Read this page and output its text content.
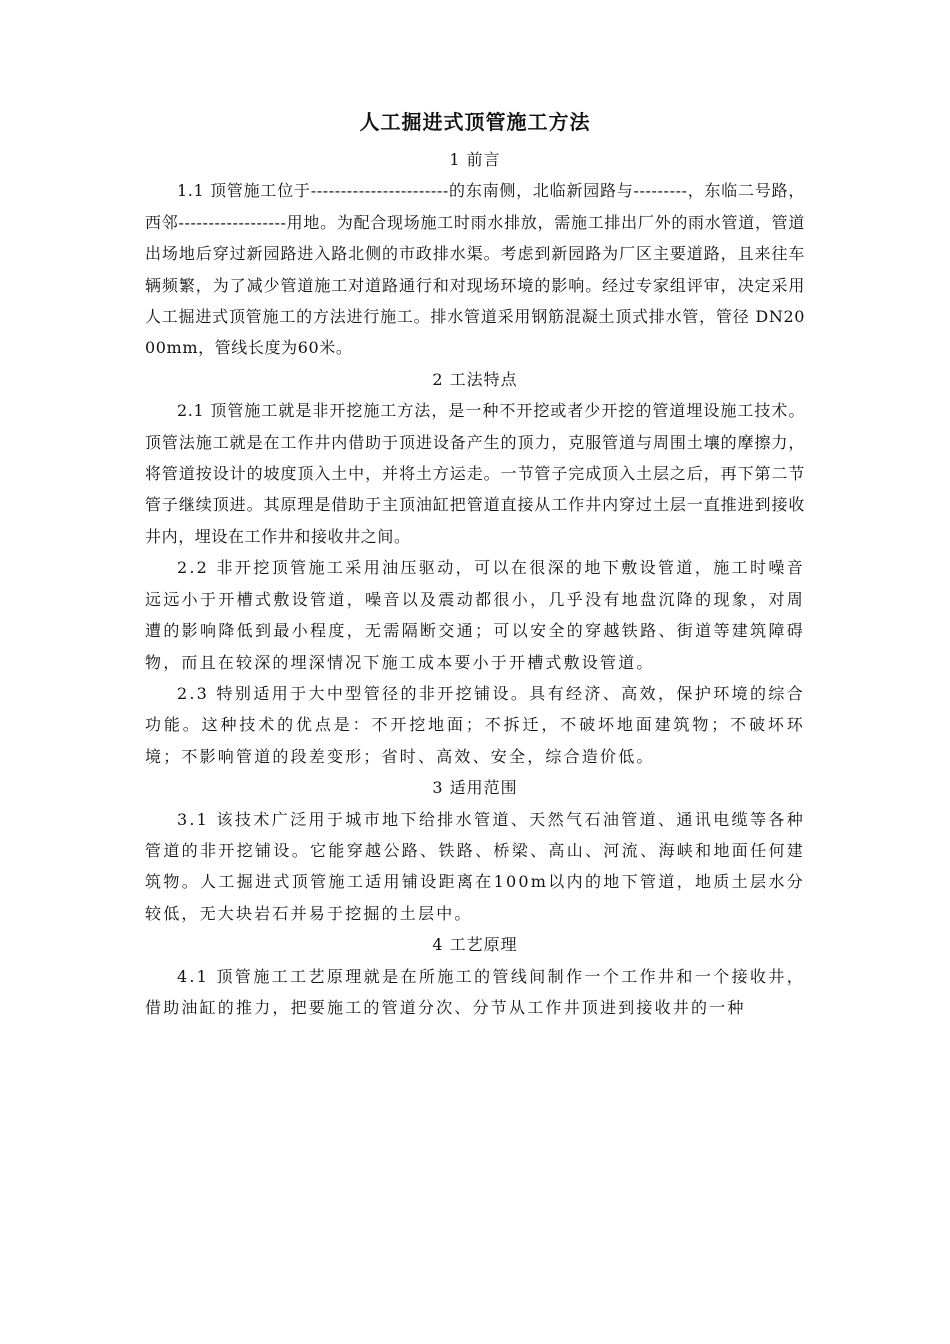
人工掘进式顶管施工方法

1 前言

1.1 顶管施工位于-----------------------的东南侧，北临新园路与---------，东临二号路，西邻------------------用地。为配合现场施工时雨水排放，需施工排出厂外的雨水管道，管道出场地后穿过新园路进入路北侧的市政排水渠。考虑到新园路为厂区主要道路，且来往车辆频繁，为了减少管道施工对道路通行和对现场环境的影响。经过专家组评审，决定采用人工掘进式顶管施工的方法进行施工。排水管道采用钢筋混凝土顶式排水管，管径 DN2000mm，管线长度为60米。

2 工法特点

2.1 顶管施工就是非开挖施工方法，是一种不开挖或者少开挖的管道埋设施工技术。顶管法施工就是在工作井内借助于顶进设备产生的顶力，克服管道与周围土壤的摩擦力，将管道按设计的坡度顶入土中，并将土方运走。一节管子完成顶入土层之后，再下第二节管子继续顶进。其原理是借助于主顶油缸把管道直接从工作井内穿过土层一直推进到接收井内，埋设在工作井和接收井之间。

2.2 非开挖顶管施工采用油压驱动，可以在很深的地下敷设管道，施工时噪音远远小于开槽式敷设管道，噪音以及震动都很小，几乎没有地盘沉降的现象，对周遭的影响降低到最小程度，无需隔断交通；可以安全的穿越铁路、街道等建筑障碍物，而且在较深的埋深情况下施工成本要小于开槽式敷设管道。

2.3 特别适用于大中型管径的非开挖铺设。具有经济、高效，保护环境的综合功能。这种技术的优点是：不开挖地面；不拆迁，不破坏地面建筑物；不破坏环境；不影响管道的段差变形；省时、高效、安全，综合造价低。

3 适用范围

3.1 该技术广泛用于城市地下给排水管道、天然气石油管道、通讯电缆等各种管道的非开挖铺设。它能穿越公路、铁路、桥梁、高山、河流、海峡和地面任何建筑物。人工掘进式顶管施工适用铺设距离在100m以内的地下管道，地质土层水分较低，无大块岩石并易于挖掘的土层中。

4 工艺原理

4.1 顶管施工工艺原理就是在所施工的管线间制作一个工作井和一个接收井，借助油缸的推力，把要施工的管道分次、分节从工作井顶进到接收井的一种
